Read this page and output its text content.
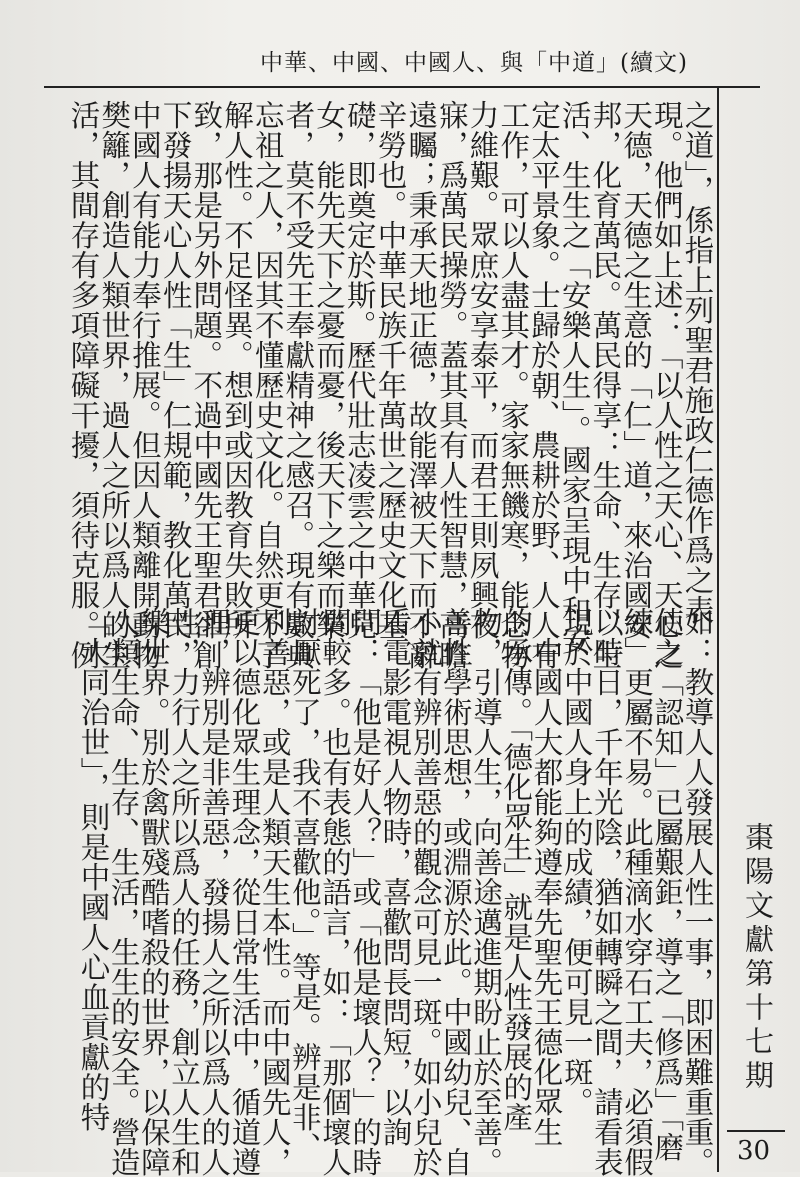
中華、中國、中國人、與「中道」(續文)
之道」，係指上列聖君施政仁德作爲之表
現。他們如上述：「以人性之天心、天心之
天德，天德之生意的「仁」道，來治國安
邦，化育萬民。萬民得享：生命、生存、生
活、生生之「安樂人生」。國家呈現中和安
定太平景象。士歸於朝、農耕於野、人人有
工作，可以人盡其才。家家無饑寒，能念物
力維艱。眾庶安享泰平，而君王則夙興夜
寐，爲萬民操勞。蓋其具有人性智慧，高瞻
遠矚；秉承天地正德，故能澤被天下而不辭
辛勞也。中華民族千年萬世之歷史文化基
礎，即奠定於斯。歷代壯志凌雲之中華兒
女，能先天下之憂而憂，後天下之樂而樂
者，莫不受先王奉獻精神之感召。現有數典
忘祖之人，因其不懂歷史文化。自然更不了
解人性。不足怪異。想到或因教育失敗所
致，那是另外問題。不過中國先王聖君卻創
下發揚天心人性「生」仁規範，教化萬民，
中國人有能力奉行推展。但因人類離開動物
樊籬，創造人類世界，過人之所以爲人的生
活，其間存有多項障礙干擾，須待克服。例
如：教導人人發展人性一事，即困難重重。
使之「認知」已屬艱鉅，導之「修爲」「磨
練」更屬不易。此種滴水穿石工夫，必須假
以時日，千年光陰，猶如轉瞬之間，請看表
現於中國人身上的成績，便可見一斑。
　中國人大都能夠遵奉先聖先王德化眾生
的承傳。「德化眾生」就是人性發展的產
物，引導人生，向善途邁進期盼止於至善。
善性學術思想，或淵源於此。中國幼兒、自
小就有辨別善惡的觀念可見一斑。如小兒於
看電影電視人物時，喜歡問長問短，以詢
問：「他是好人？」或「他是壞人？」的時
間較多。也有表態的語言，如：「那個壞人
討厭死了，我不喜歡他。」等是。辨是非、
別善惡，或是人類天生本性。而中國先人，
更以德化眾生理念，從日常生活中，循道遵
理，辨別是非善惡，發揚人之所以爲人的人
性，力行人之所以爲人的任務，創立人生和
樂世界。別於禽獸殘酷嗜殺的世界，以保障
人類生命、生存、生活，生生的安全。營造
「大同治世」，則是中國人心血貢獻的特	棗陽文獻第十七期
30
